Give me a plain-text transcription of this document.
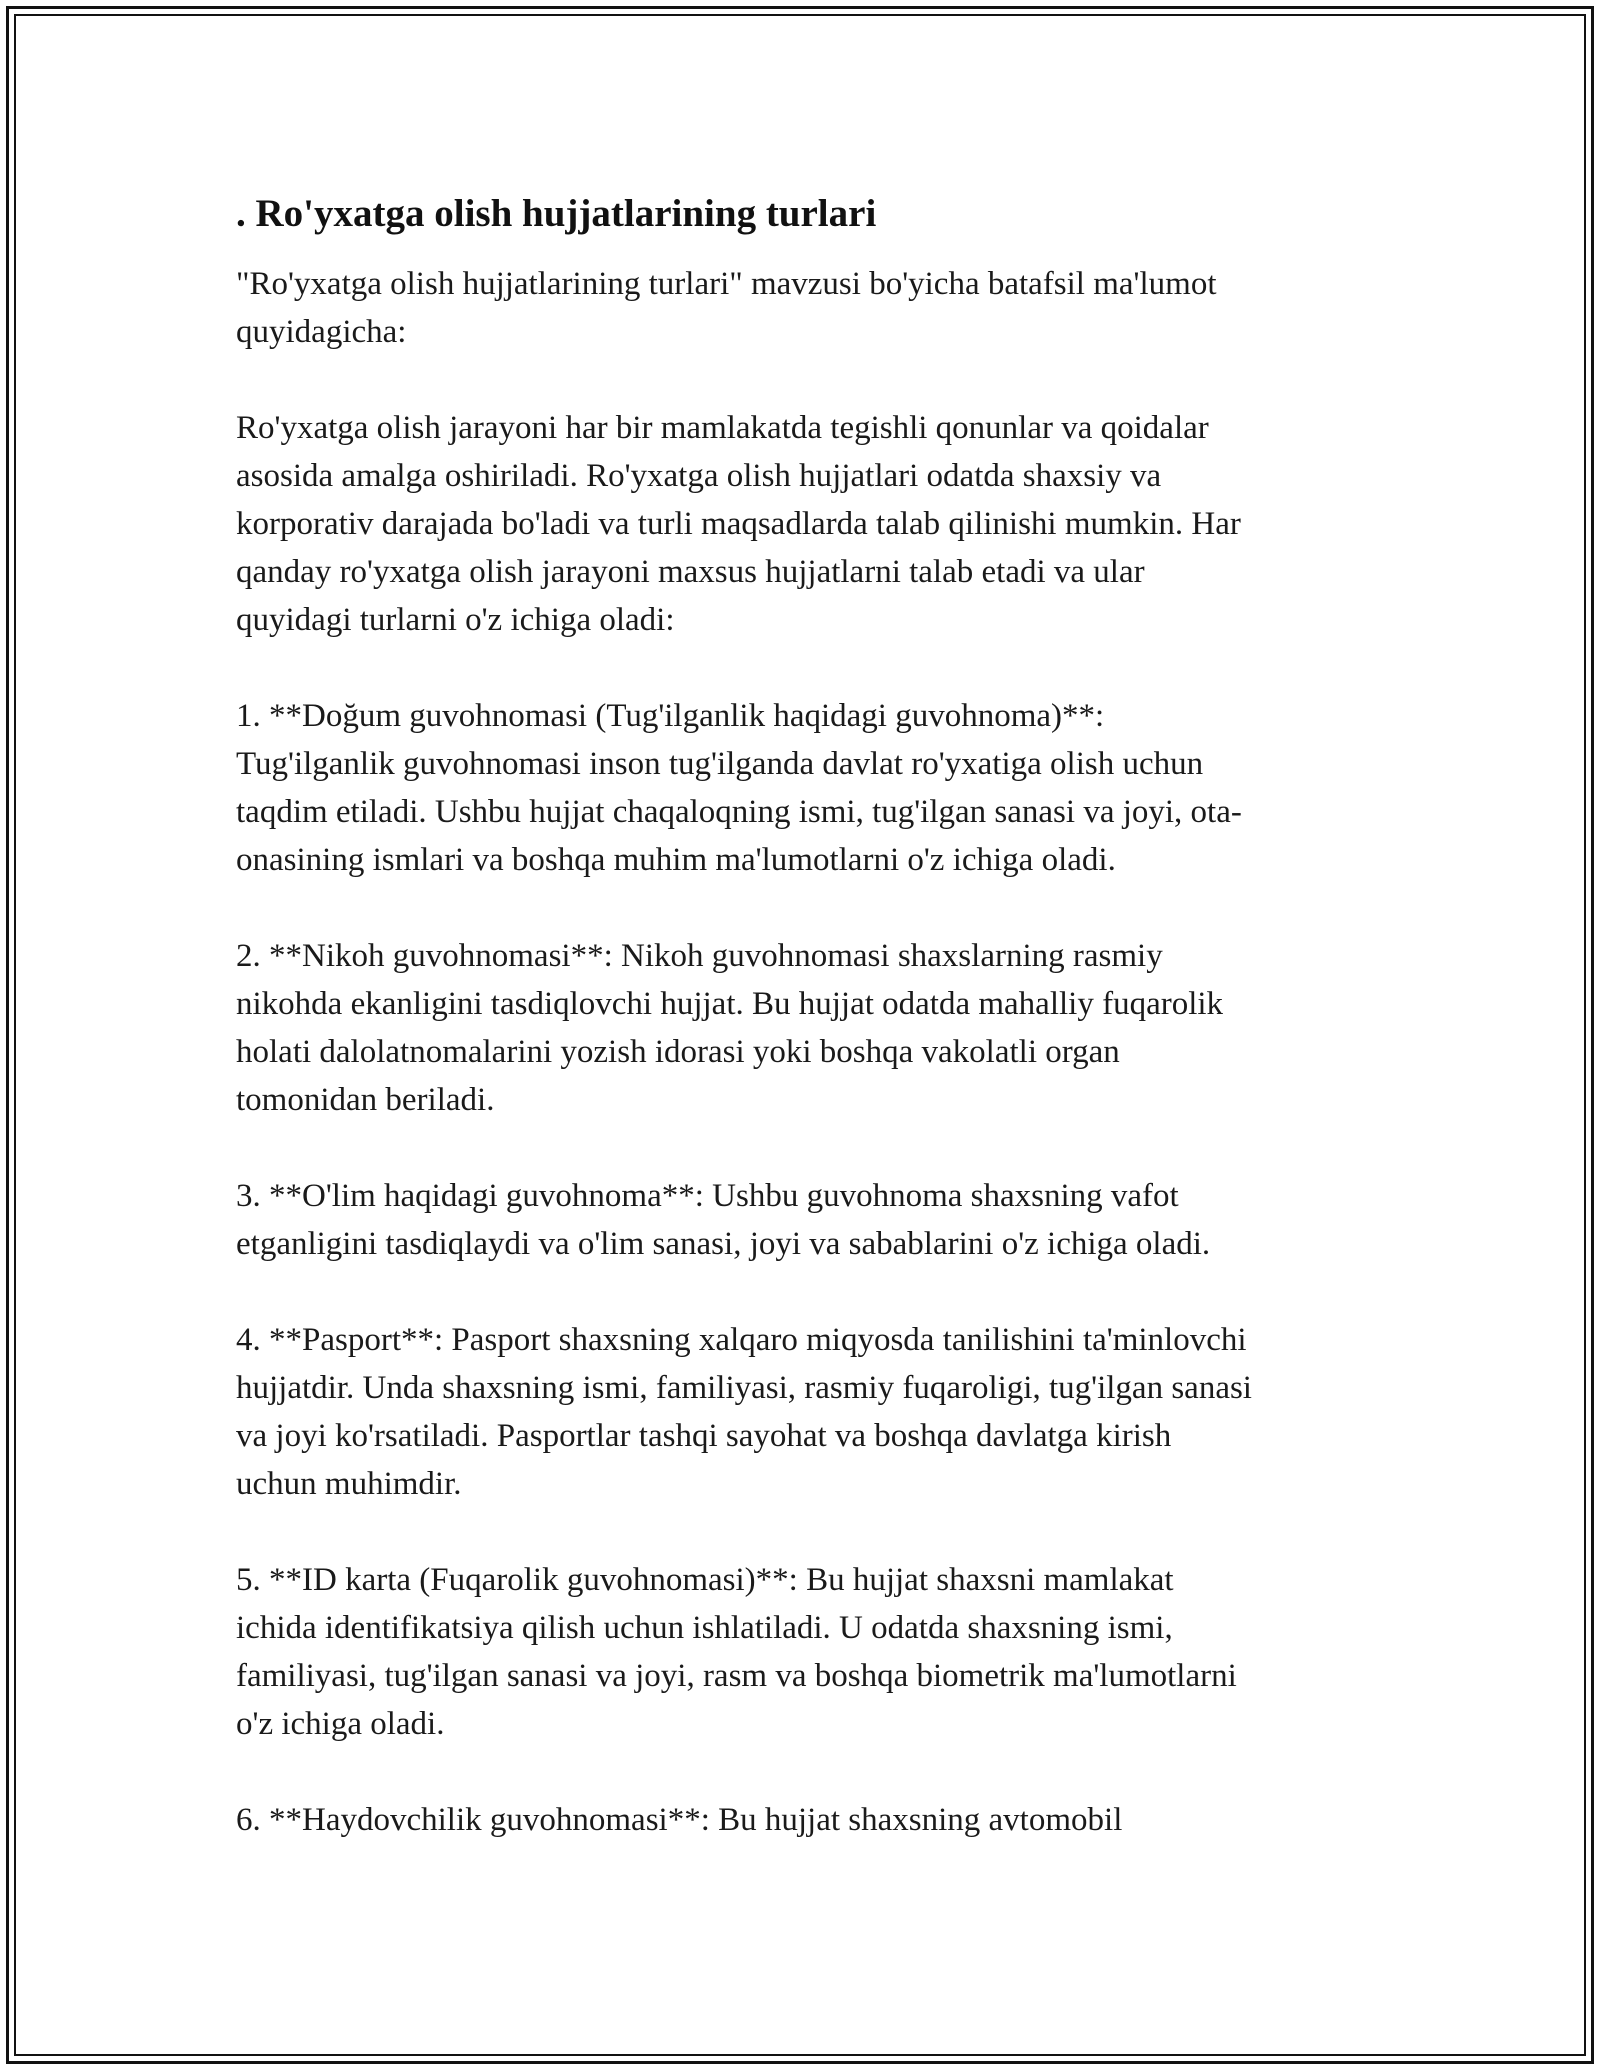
. Ro'yxatga olish hujjatlarining turlari

"Ro'yxatga olish hujjatlarining turlari" mavzusi bo'yicha batafsil ma'lumot
quyidagicha:

Ro'yxatga olish jarayoni har bir mamlakatda tegishli qonunlar va qoidalar
asosida amalga oshiriladi. Ro'yxatga olish hujjatlari odatda shaxsiy va
korporativ darajada bo'ladi va turli maqsadlarda talab qilinishi mumkin. Har
qanday ro'yxatga olish jarayoni maxsus hujjatlarni talab etadi va ular
quyidagi turlarni o'z ichiga oladi:

1. **Doğum guvohnomasi (Tug'ilganlik haqidagi guvohnoma)**:
Tug'ilganlik guvohnomasi inson tug'ilganda davlat ro'yxatiga olish uchun
taqdim etiladi. Ushbu hujjat chaqaloqning ismi, tug'ilgan sanasi va joyi, ota-
onasining ismlari va boshqa muhim ma'lumotlarni o'z ichiga oladi.

2. **Nikoh guvohnomasi**: Nikoh guvohnomasi shaxslarning rasmiy
nikohda ekanligini tasdiqlovchi hujjat. Bu hujjat odatda mahalliy fuqarolik
holati dalolatnomalarini yozish idorasi yoki boshqa vakolatli organ
tomonidan beriladi.

3. **O'lim haqidagi guvohnoma**: Ushbu guvohnoma shaxsning vafot
etganligini tasdiqlaydi va o'lim sanasi, joyi va sabablarini o'z ichiga oladi.

4. **Pasport**: Pasport shaxsning xalqaro miqyosda tanilishini ta'minlovchi
hujjatdir. Unda shaxsning ismi, familiyasi, rasmiy fuqaroligi, tug'ilgan sanasi
va joyi ko'rsatiladi. Pasportlar tashqi sayohat va boshqa davlatga kirish
uchun muhimdir.

5. **ID karta (Fuqarolik guvohnomasi)**: Bu hujjat shaxsni mamlakat
ichida identifikatsiya qilish uchun ishlatiladi. U odatda shaxsning ismi,
familiyasi, tug'ilgan sanasi va joyi, rasm va boshqa biometrik ma'lumotlarni
o'z ichiga oladi.

6. **Haydovchilik guvohnomasi**: Bu hujjat shaxsning avtomobil
